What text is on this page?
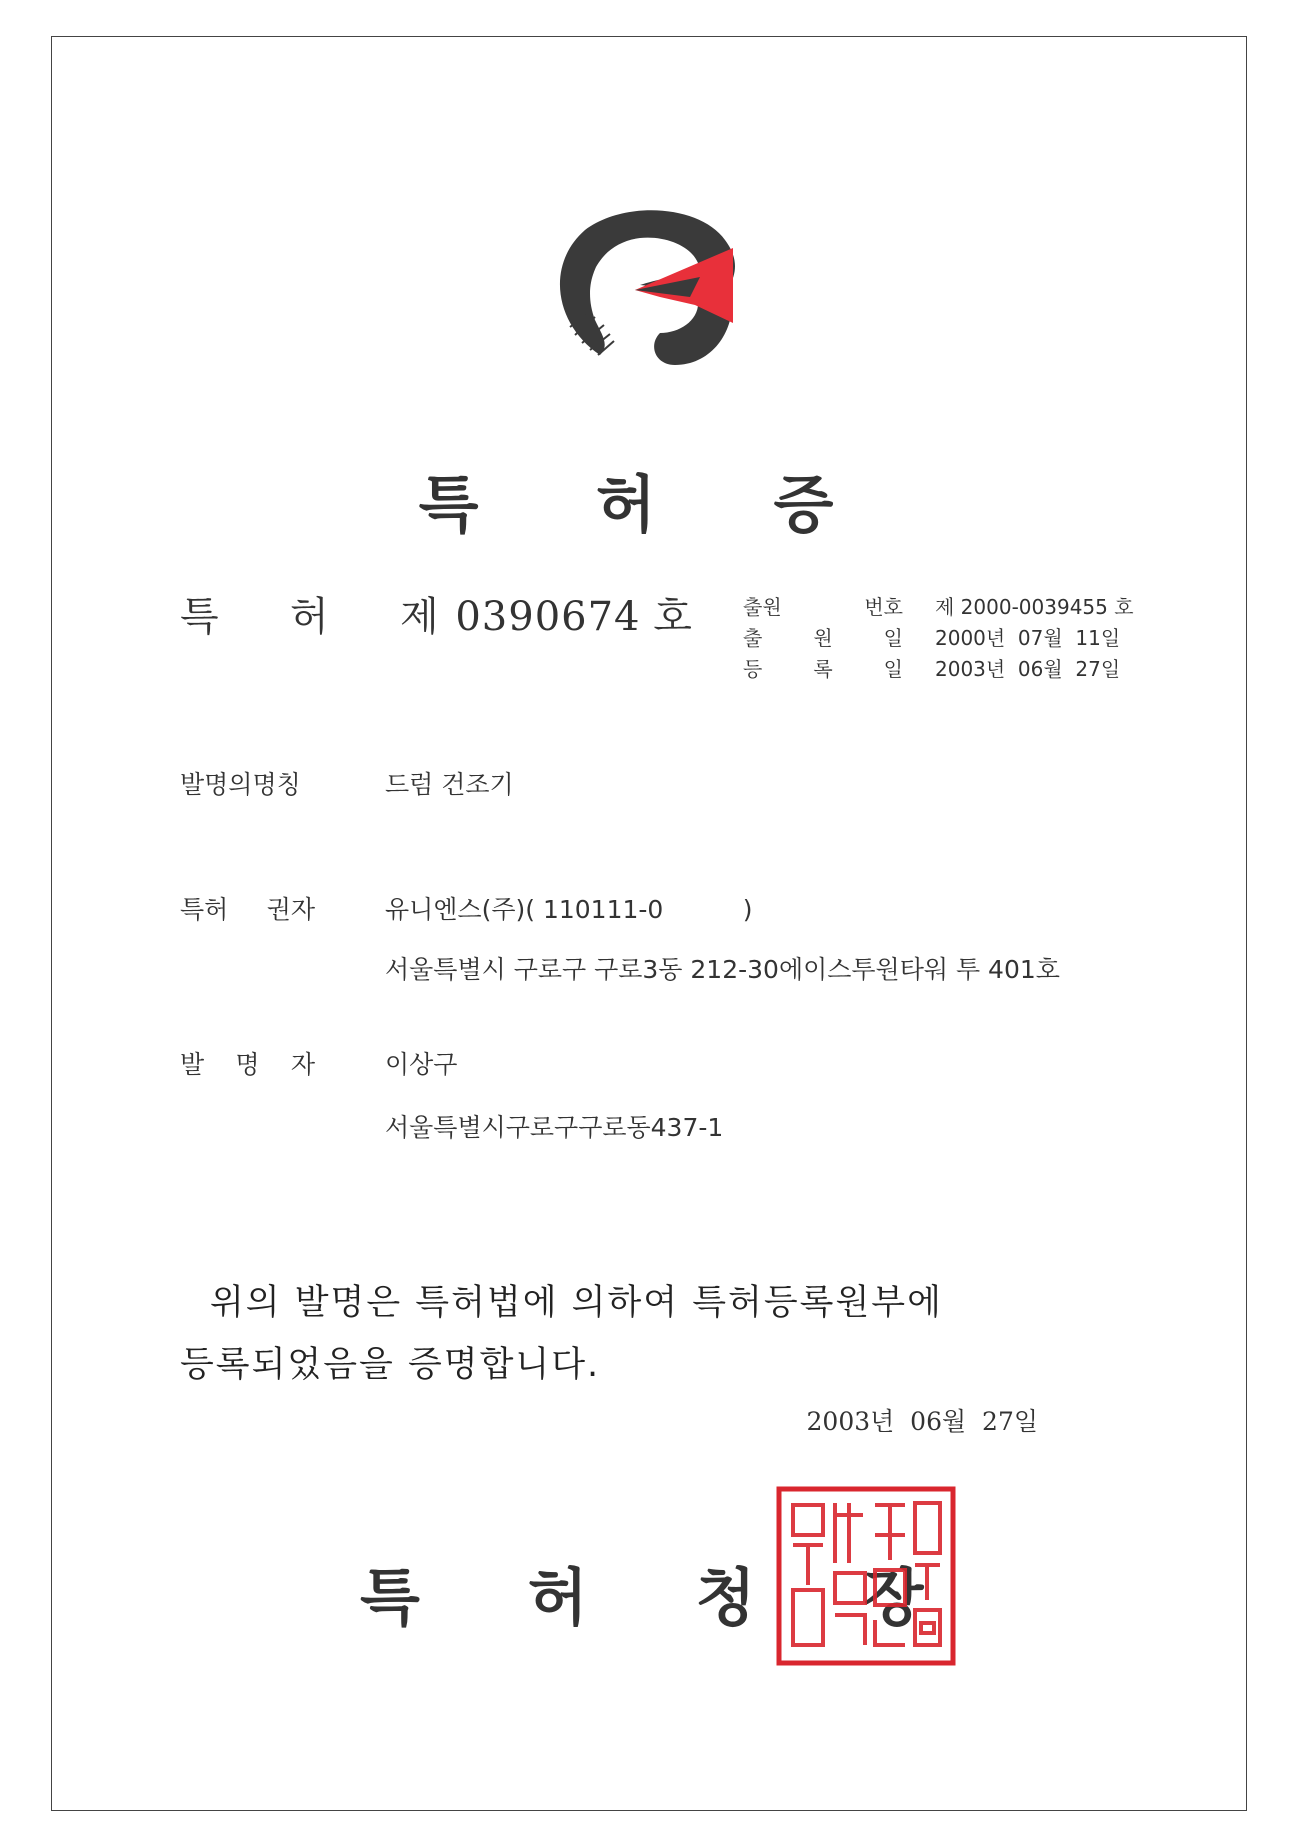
특 허 증
특 허 제 0390674 호	출원	번호 제 2000-0039455 호
출	원	일 2000년  07월  11일
등	록	일 2003년  06월  27일
발명의명칭	드럼 건조기
특허 권자	유니엔스(주)( 110111-0          )
서울특별시 구로구 구로3동 212-30에이스투원타워 투 401호
발 명 자	이상구
서울특별시구로구구로동437-1
위의 발명은 특허법에 의하여 특허등록원부에
등록되었음을 증명합니다.
2003년  06월  27일
특허청장
